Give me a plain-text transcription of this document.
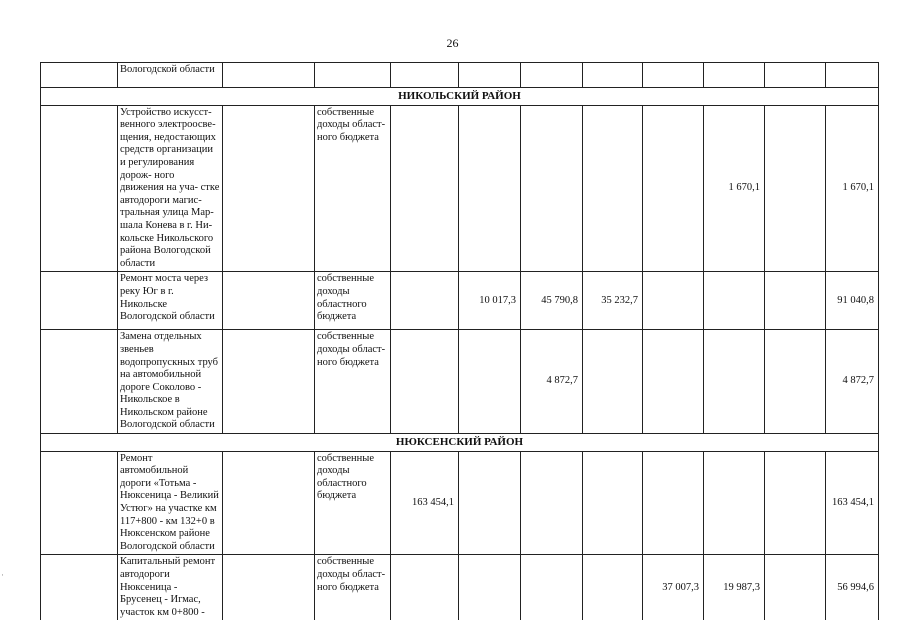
26
	Вологодской области										
НИКОЛЬСКИЙ РАЙОН											
	Устройство искусст- венного электроосве- щения, недостающих средств организации и регулирования дорож- ного движения на уча- стке автодороги магис- тральная улица Мар- шала Конева в г. Ни- кольске Никольского района Вологодской области		собственные доходы област- ного бюджета						1 670,1		1 670,1
	Ремонт моста через реку Юг в г. Никольске Вологодской области		собственные доходы областного бюджета		10 017,3	45 790,8	35 232,7				91 040,8
	Замена отдельных звеньев водопропускных труб на автомобильной дороге Соколово - Никольское в Никольском районе Вологодской области		собственные доходы област- ного бюджета			4 872,7					4 872,7
НЮКСЕНСКИЙ РАЙОН											
	Ремонт автомобильной дороги «Тотьма - Нюксеница - Великий Устюг» на участке км 117+800 - км 132+0 в Нюксенском районе Вологодской области		собственные доходы областного бюджета	163 454,1							163 454,1
	Капитальный ремонт автодороги Нюксеница - Брусенец - Игмас, участок км 0+800 -		собственные доходы област- ного бюджета					37 007,3	19 987,3		56 994,6
·
